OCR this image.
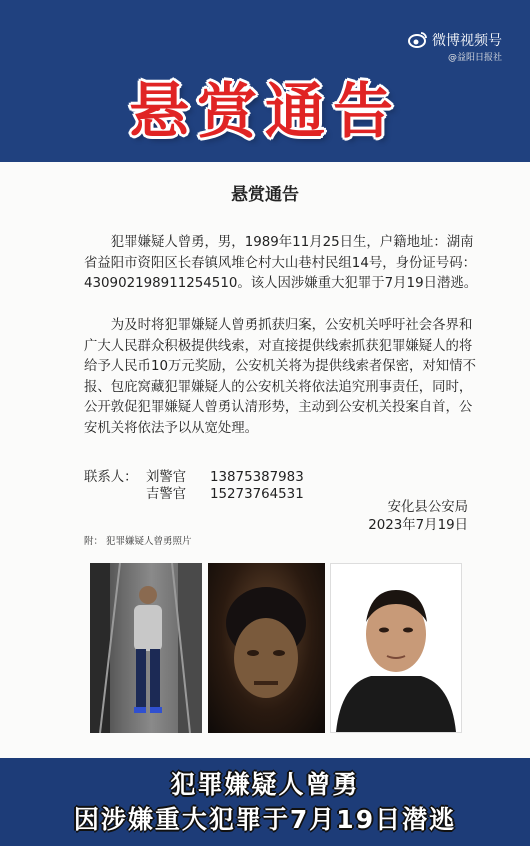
微博视频号
@益阳日报社
悬赏通告
悬赏通告
犯罪嫌疑人曾勇，男，1989年11月25日生，户籍地址：湖南省益阳市资阳区长春镇风堆仑村大山巷村民组14号，身份证号码：430902198911254510。该人因涉嫌重大犯罪于7月19日潜逃。
为及时将犯罪嫌疑人曾勇抓获归案，公安机关呼吁社会各界和广大人民群众积极提供线索，对直接提供线索抓获犯罪嫌疑人的将给予人民币10万元奖励，公安机关将为提供线索者保密，对知情不报、包庇窝藏犯罪嫌疑人的公安机关将依法追究刑事责任，同时，公开敦促犯罪嫌疑人曾勇认清形势，主动到公安机关投案自首，公安机关将依法予以从宽处理。
联系人： 刘警官	13875387983
吉警官	15273764531
安化县公安局
2023年7月19日
附： 犯罪嫌疑人曾勇照片
犯罪嫌疑人曾勇
因涉嫌重大犯罪于7月19日潜逃
